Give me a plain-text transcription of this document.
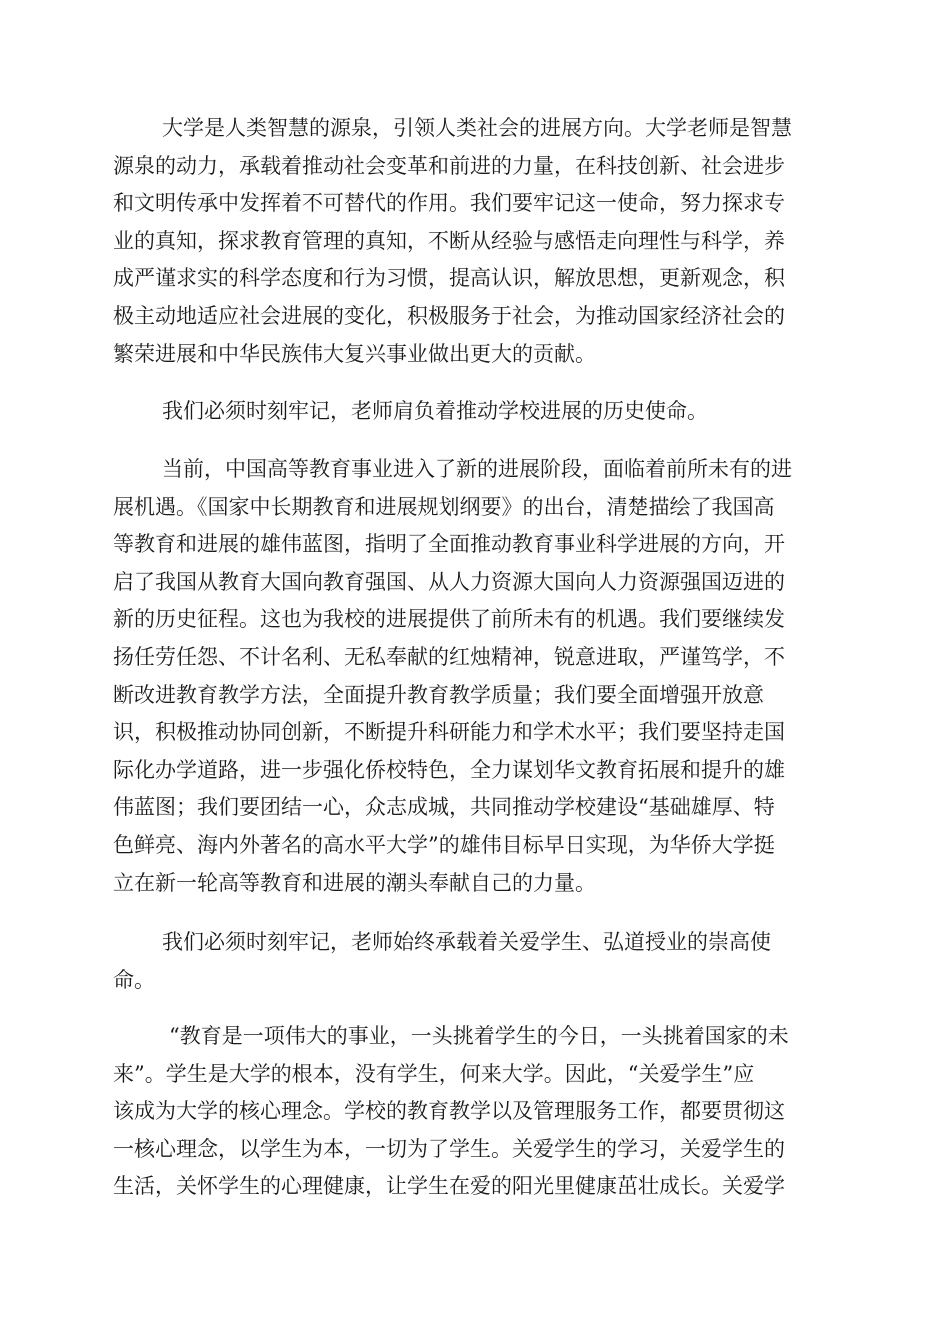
大学是人类智慧的源泉，引领人类社会的进展方向。大学老师是智慧
源泉的动力，承载着推动社会变革和前进的力量，在科技创新、社会进步
和文明传承中发挥着不可替代的作用。我们要牢记这一使命，努力探求专
业的真知，探求教育管理的真知，不断从经验与感悟走向理性与科学，养
成严谨求实的科学态度和行为习惯，提高认识，解放思想，更新观念，积
极主动地适应社会进展的变化，积极服务于社会，为推动国家经济社会的
繁荣进展和中华民族伟大复兴事业做出更大的贡献。
我们必须时刻牢记，老师肩负着推动学校进展的历史使命。
当前，中国高等教育事业进入了新的进展阶段，面临着前所未有的进
展机遇。《国家中长期教育和进展规划纲要》的出台，清楚描绘了我国高
等教育和进展的雄伟蓝图，指明了全面推动教育事业科学进展的方向，开
启了我国从教育大国向教育强国、从人力资源大国向人力资源强国迈进的
新的历史征程。这也为我校的进展提供了前所未有的机遇。我们要继续发
扬任劳任怨、不计名利、无私奉献的红烛精神，锐意进取，严谨笃学，不
断改进教育教学方法，全面提升教育教学质量；我们要全面增强开放意
识，积极推动协同创新，不断提升科研能力和学术水平；我们要坚持走国
际化办学道路，进一步强化侨校特色，全力谋划华文教育拓展和提升的雄
伟蓝图；我们要团结一心，众志成城，共同推动学校建设“基础雄厚、特
色鲜亮、海内外著名的高水平大学”的雄伟目标早日实现，为华侨大学挺
立在新一轮高等教育和进展的潮头奉献自己的力量。
我们必须时刻牢记，老师始终承载着关爱学生、弘道授业的崇高使
命。
“教育是一项伟大的事业，一头挑着学生的今日，一头挑着国家的未
来”。学生是大学的根本，没有学生，何来大学。因此，“关爱学生”应
该成为大学的核心理念。学校的教育教学以及管理服务工作，都要贯彻这
一核心理念，以学生为本，一切为了学生。关爱学生的学习，关爱学生的
生活，关怀学生的心理健康，让学生在爱的阳光里健康茁壮成长。关爱学
